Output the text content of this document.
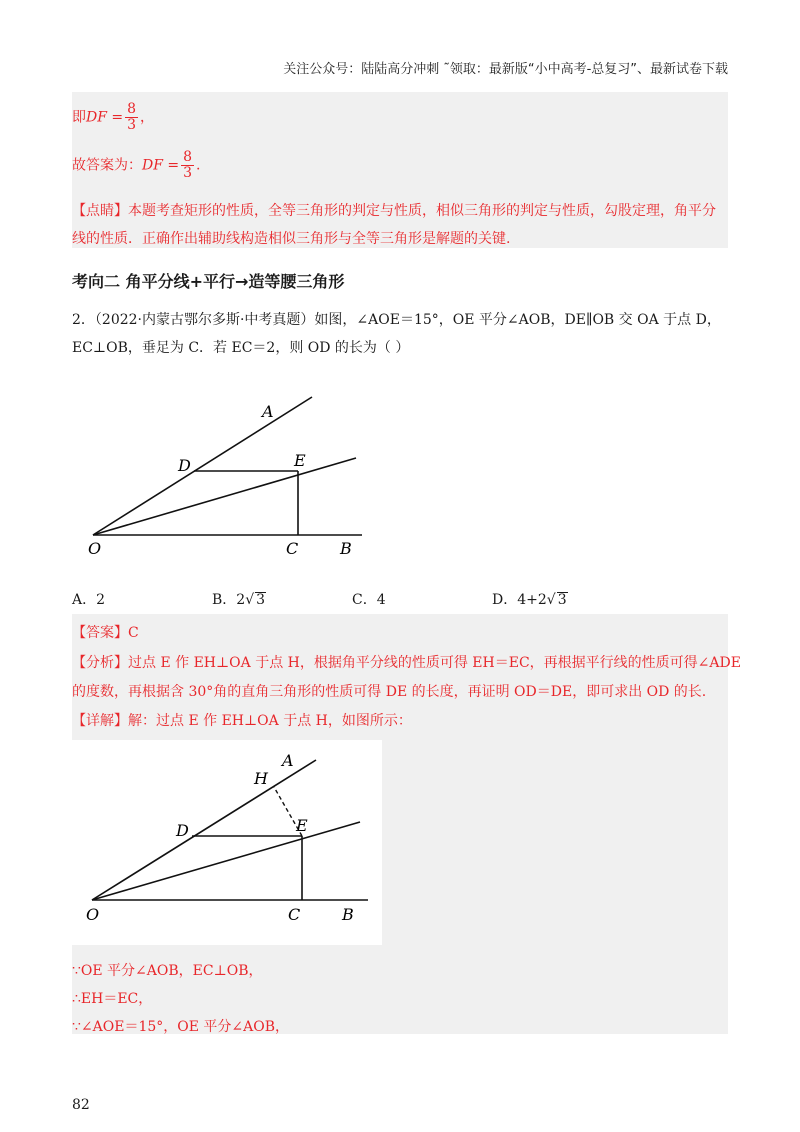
关注公众号：陆陆高分冲刺 ˜领取：最新版“小中高考-总复习”、最新试卷下载
即DF = $\frac{8}{3}$ ，
故答案为：DF = $\frac{8}{3}$ .
【点睛】本题考查矩形的性质，全等三角形的判定与性质，相似三角形的判定与性质，勾股定理，角平分
线的性质．正确作出辅助线构造相似三角形与全等三角形是解题的关键.
考向二 角平分线+平行→造等腰三角形
2．（2022·内蒙古鄂尔多斯·中考真题）如图，∠AOE＝15°，OE 平分∠AOB，DE∥OB 交 OA 于点 D，
EC⊥OB，垂足为 C．若 EC＝2，则 OD 的长为（ ）
A
D	E
O	C	B
A．2	B．2√ 3	C．4	D．4+2√ 3
【答案】C
【分析】过点 E 作 EH⊥OA 于点 H，根据角平分线的性质可得 EH＝EC，再根据平行线的性质可得∠ADE
的度数，再根据含 30°角的直角三角形的性质可得 DE 的长度，再证明 OD＝DE，即可求出 OD 的长.
【详解】解：过点 E 作 EH⊥OA 于点 H，如图所示：
A
H
D	E
O	C	B
∵OE 平分∠AOB，EC⊥OB，
∴EH＝EC，
∵∠AOE＝15°，OE 平分∠AOB，
82
